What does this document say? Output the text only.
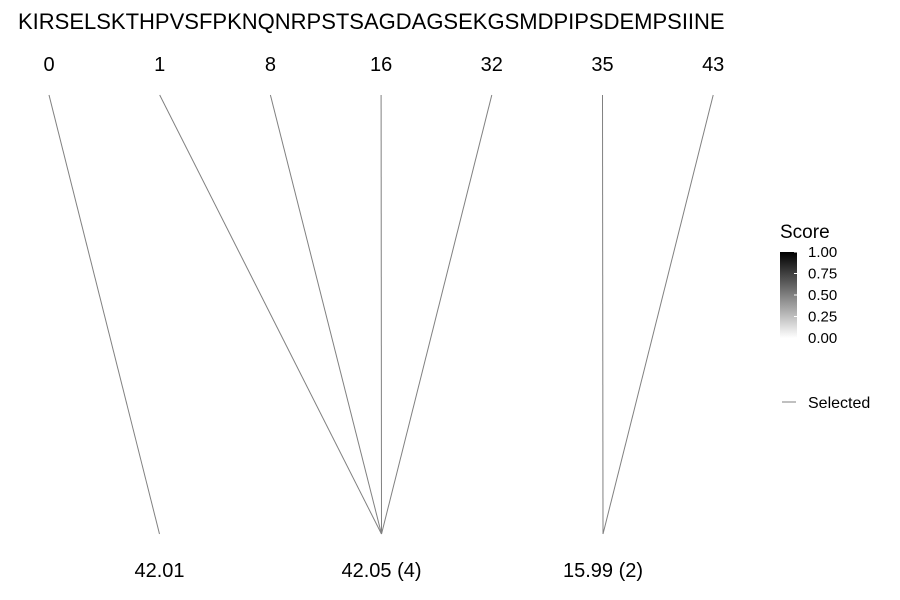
KIRSELSKTHPVSFPKNQNRPSTSAGDAGSEKGSMDPIPSDEMPSIINE
0	1	8	16	32	35	43
42.01	42.05 (4)	15.99 (2)
Score
1.00
0.75
0.50
0.25
0.00
Selected
